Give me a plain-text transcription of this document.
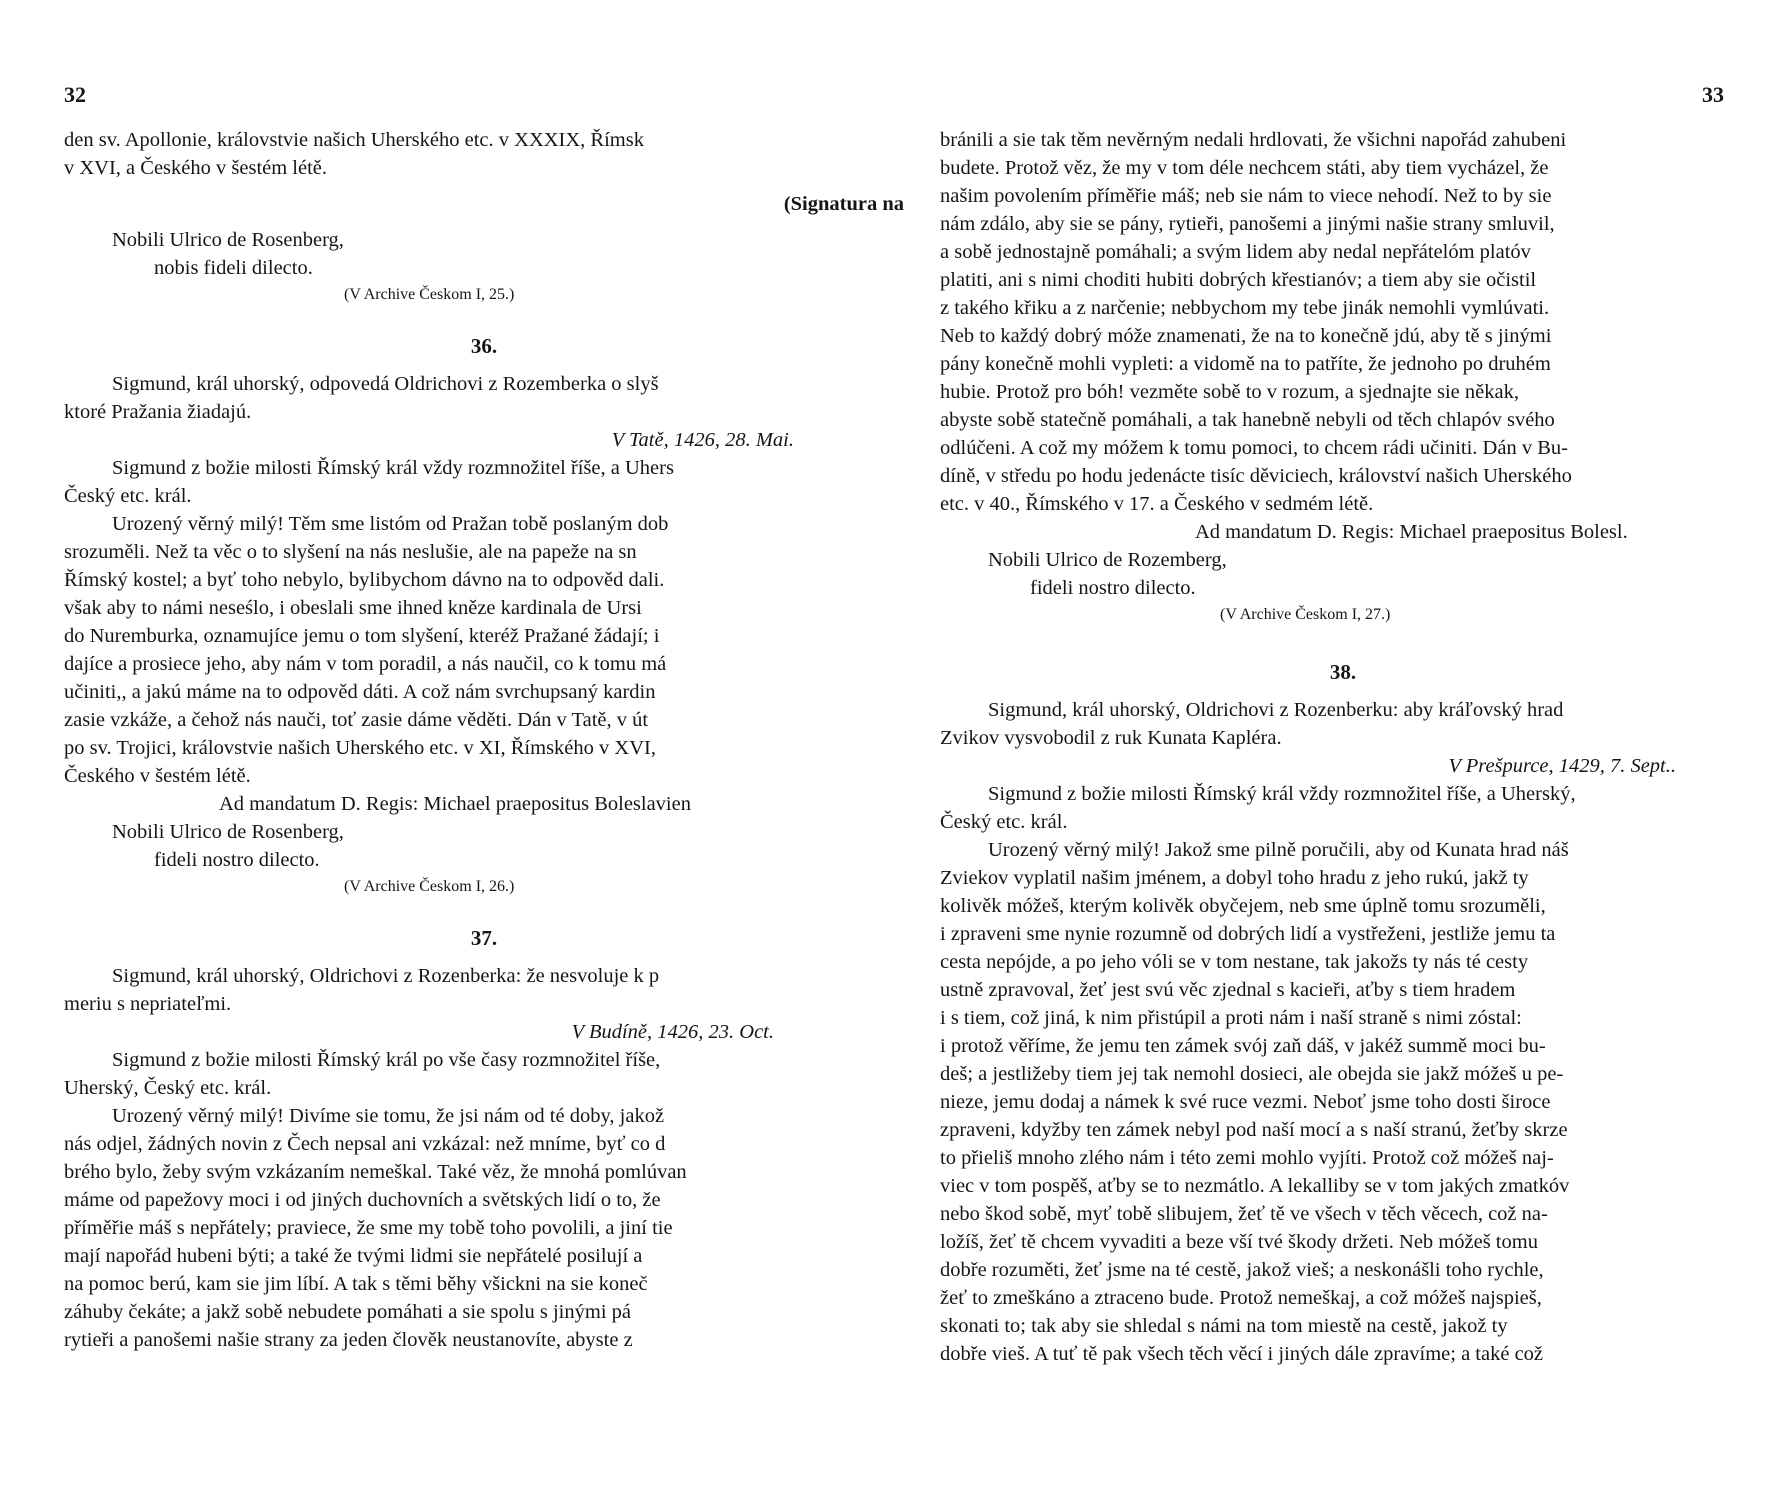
32

den sv. Apollonie, královstvie našich Uherského etc. v XXXIX, Římsk

v XVI, a Českého v šestém létě.

(Signatura na

Nobili Ulrico de Rosenberg,

nobis fideli dilecto.

(V Archive Českom I, 25.)

36.

Sigmund, král uhorský, odpovedá Oldrichovi z Rozemberka o slyš

ktoré Pražania žiadajú.

V Tatě, 1426, 28. Mai.

Sigmund z božie milosti Římský král vždy rozmnožitel říše, a Uhers

Český etc. král.

Urozený věrný milý! Těm sme listóm od Pražan tobě poslaným dob

srozuměli. Než ta věc o to slyšení na nás neslušie, ale na papeže na sn

Římský kostel; a byť toho nebylo, bylibychom dávno na to odpověd dali.

však aby to námi neseślo, i obeslali sme ihned kněze kardinala de Ursi

do Nuremburka, oznamujíce jemu o tom slyšení, kteréž Pražané žádají; i

dajíce a prosiece jeho, aby nám v tom poradil, a nás naučil, co k tomu má

učiniti,, a jakú máme na to odpověd dáti. A což nám svrchupsaný kardin

zasie vzkáže, a čehož nás nauči, toť zasie dáme věděti. Dán v Tatě, v út

po sv. Trojici, královstvie našich Uherského etc. v XI, Římského v XVI,

Českého v šestém létě.

Ad mandatum D. Regis: Michael praepositus Boleslavien

Nobili Ulrico de Rosenberg,

fideli nostro dilecto.

(V Archive Českom I, 26.)

37.

Sigmund, král uhorský, Oldrichovi z Rozenberka: že nesvoluje k p

meriu s nepriateľmi.

V Budíně, 1426, 23. Oct.

Sigmund z božie milosti Římský král po vše časy rozmnožitel říše,

Uherský, Český etc. král.

Urozený věrný milý! Divíme sie tomu, že jsi nám od té doby, jakož

nás odjel, žádných novin z Čech nepsal ani vzkázal: než mníme, byť co d

brého bylo, žeby svým vzkázaním nemeškal. Také věz, že mnohá pomlúvan

máme od papežovy moci i od jiných duchovních a světských lidí o to, že

příměřie máš s nepřátely; praviece, že sme my tobě toho povolili, a jiní tie

mají napořád hubeni býti; a také že tvými lidmi sie nepřátelé posilují a

na pomoc berú, kam sie jim líbí. A tak s těmi běhy všickni na sie koneč

záhuby čekáte; a jakž sobě nebudete pomáhati a sie spolu s jinými pá

rytieři a panošemi našie strany za jeden člověk neustanovíte, abyste z

33

bránili a sie tak těm nevěrným nedali hrdlovati, že všichni napořád zahubeni

budete. Protož věz, že my v tom déle nechcem státi, aby tiem vycházel, že

našim povolením příměřie máš; neb sie nám to viece nehodí. Než to by sie

nám zdálo, aby sie se pány, rytieři, panošemi a jinými našie strany smluvil,

a sobě jednostajně pomáhali; a svým lidem aby nedal nepřátelóm platóv

platiti, ani s nimi choditi hubiti dobrých křestianóv; a tiem aby sie očistil

z takého křiku a z narčenie; nebbychom my tebe jinák nemohli vymlúvati.

Neb to každý dobrý móže znamenati, že na to konečně jdú, aby tě s jinými

pány konečně mohli vypleti: a vidomě na to patříte, že jednoho po druhém

hubie. Protož pro bóh! vezměte sobě to v rozum, a sjednajte sie někak,

abyste sobě statečně pomáhali, a tak hanebně nebyli od těch chlapóv svého

odlúčeni. A což my móžem k tomu pomoci, to chcem rádi učiniti. Dán v Bu-

díně, v středu po hodu jedenácte tisíc děviciech, království našich Uherského

etc. v 40., Římského v 17. a Českého v sedmém létě.

Ad mandatum D. Regis: Michael praepositus Bolesl.

Nobili Ulrico de Rozemberg,

fideli nostro dilecto.

(V Archive Českom I, 27.)

38.

Sigmund, král uhorský, Oldrichovi z Rozenberku: aby kráľovský hrad

Zvikov vysvobodil z ruk Kunata Kapléra.

V Prešpurce, 1429, 7. Sept..

Sigmund z božie milosti Římský král vždy rozmnožitel říše, a Uherský,

Český etc. král.

Urozený věrný milý! Jakož sme pilně poručili, aby od Kunata hrad náš

Zviekov vyplatil našim jménem, a dobyl toho hradu z jeho rukú, jakž ty

kolivěk móžeš, kterým kolivěk obyčejem, neb sme úplně tomu srozuměli,

i zpraveni sme nynie rozumně od dobrých lidí a vystřeženi, jestliže jemu ta

cesta nepójde, a po jeho vóli se v tom nestane, tak jakožs ty nás té cesty

ustně zpravoval, žeť jest svú věc zjednal s kacieři, aťby s tiem hradem

i s tiem, což jiná, k nim přistúpil a proti nám i naší straně s nimi zóstal:

i protož věříme, že jemu ten zámek svój zaň dáš, v jakéž summě moci bu-

deš; a jestližeby tiem jej tak nemohl dosieci, ale obejda sie jakž móžeš u pe-

nieze, jemu dodaj a námek k své ruce vezmi. Neboť jsme toho dosti široce

zpraveni, kdyžby ten zámek nebyl pod naší mocí a s naší stranú, žeťby skrze

to přieliš mnoho zlého nám i této zemi mohlo vyjíti. Protož což móžeš naj-

viec v tom pospěš, aťby se to nezmátlo. A lekalliby se v tom jakých zmatkóv

nebo škod sobě, myť tobě slibujem, žeť tě ve všech v těch věcech, což na-

ložíš, žeť tě chcem vyvaditi a beze vší tvé škody držeti. Neb móžeš tomu

dobře rozuměti, žeť jsme na té cestě, jakož vieš; a neskonášli toho rychle,

žeť to zmeškáno a ztraceno bude. Protož nemeškaj, a což móžeš najspieš,

skonati to; tak aby sie shledal s námi na tom miestě na cestě, jakož ty

dobře vieš. A tuť tě pak všech těch věcí i jiných dále zpravíme; a také což
